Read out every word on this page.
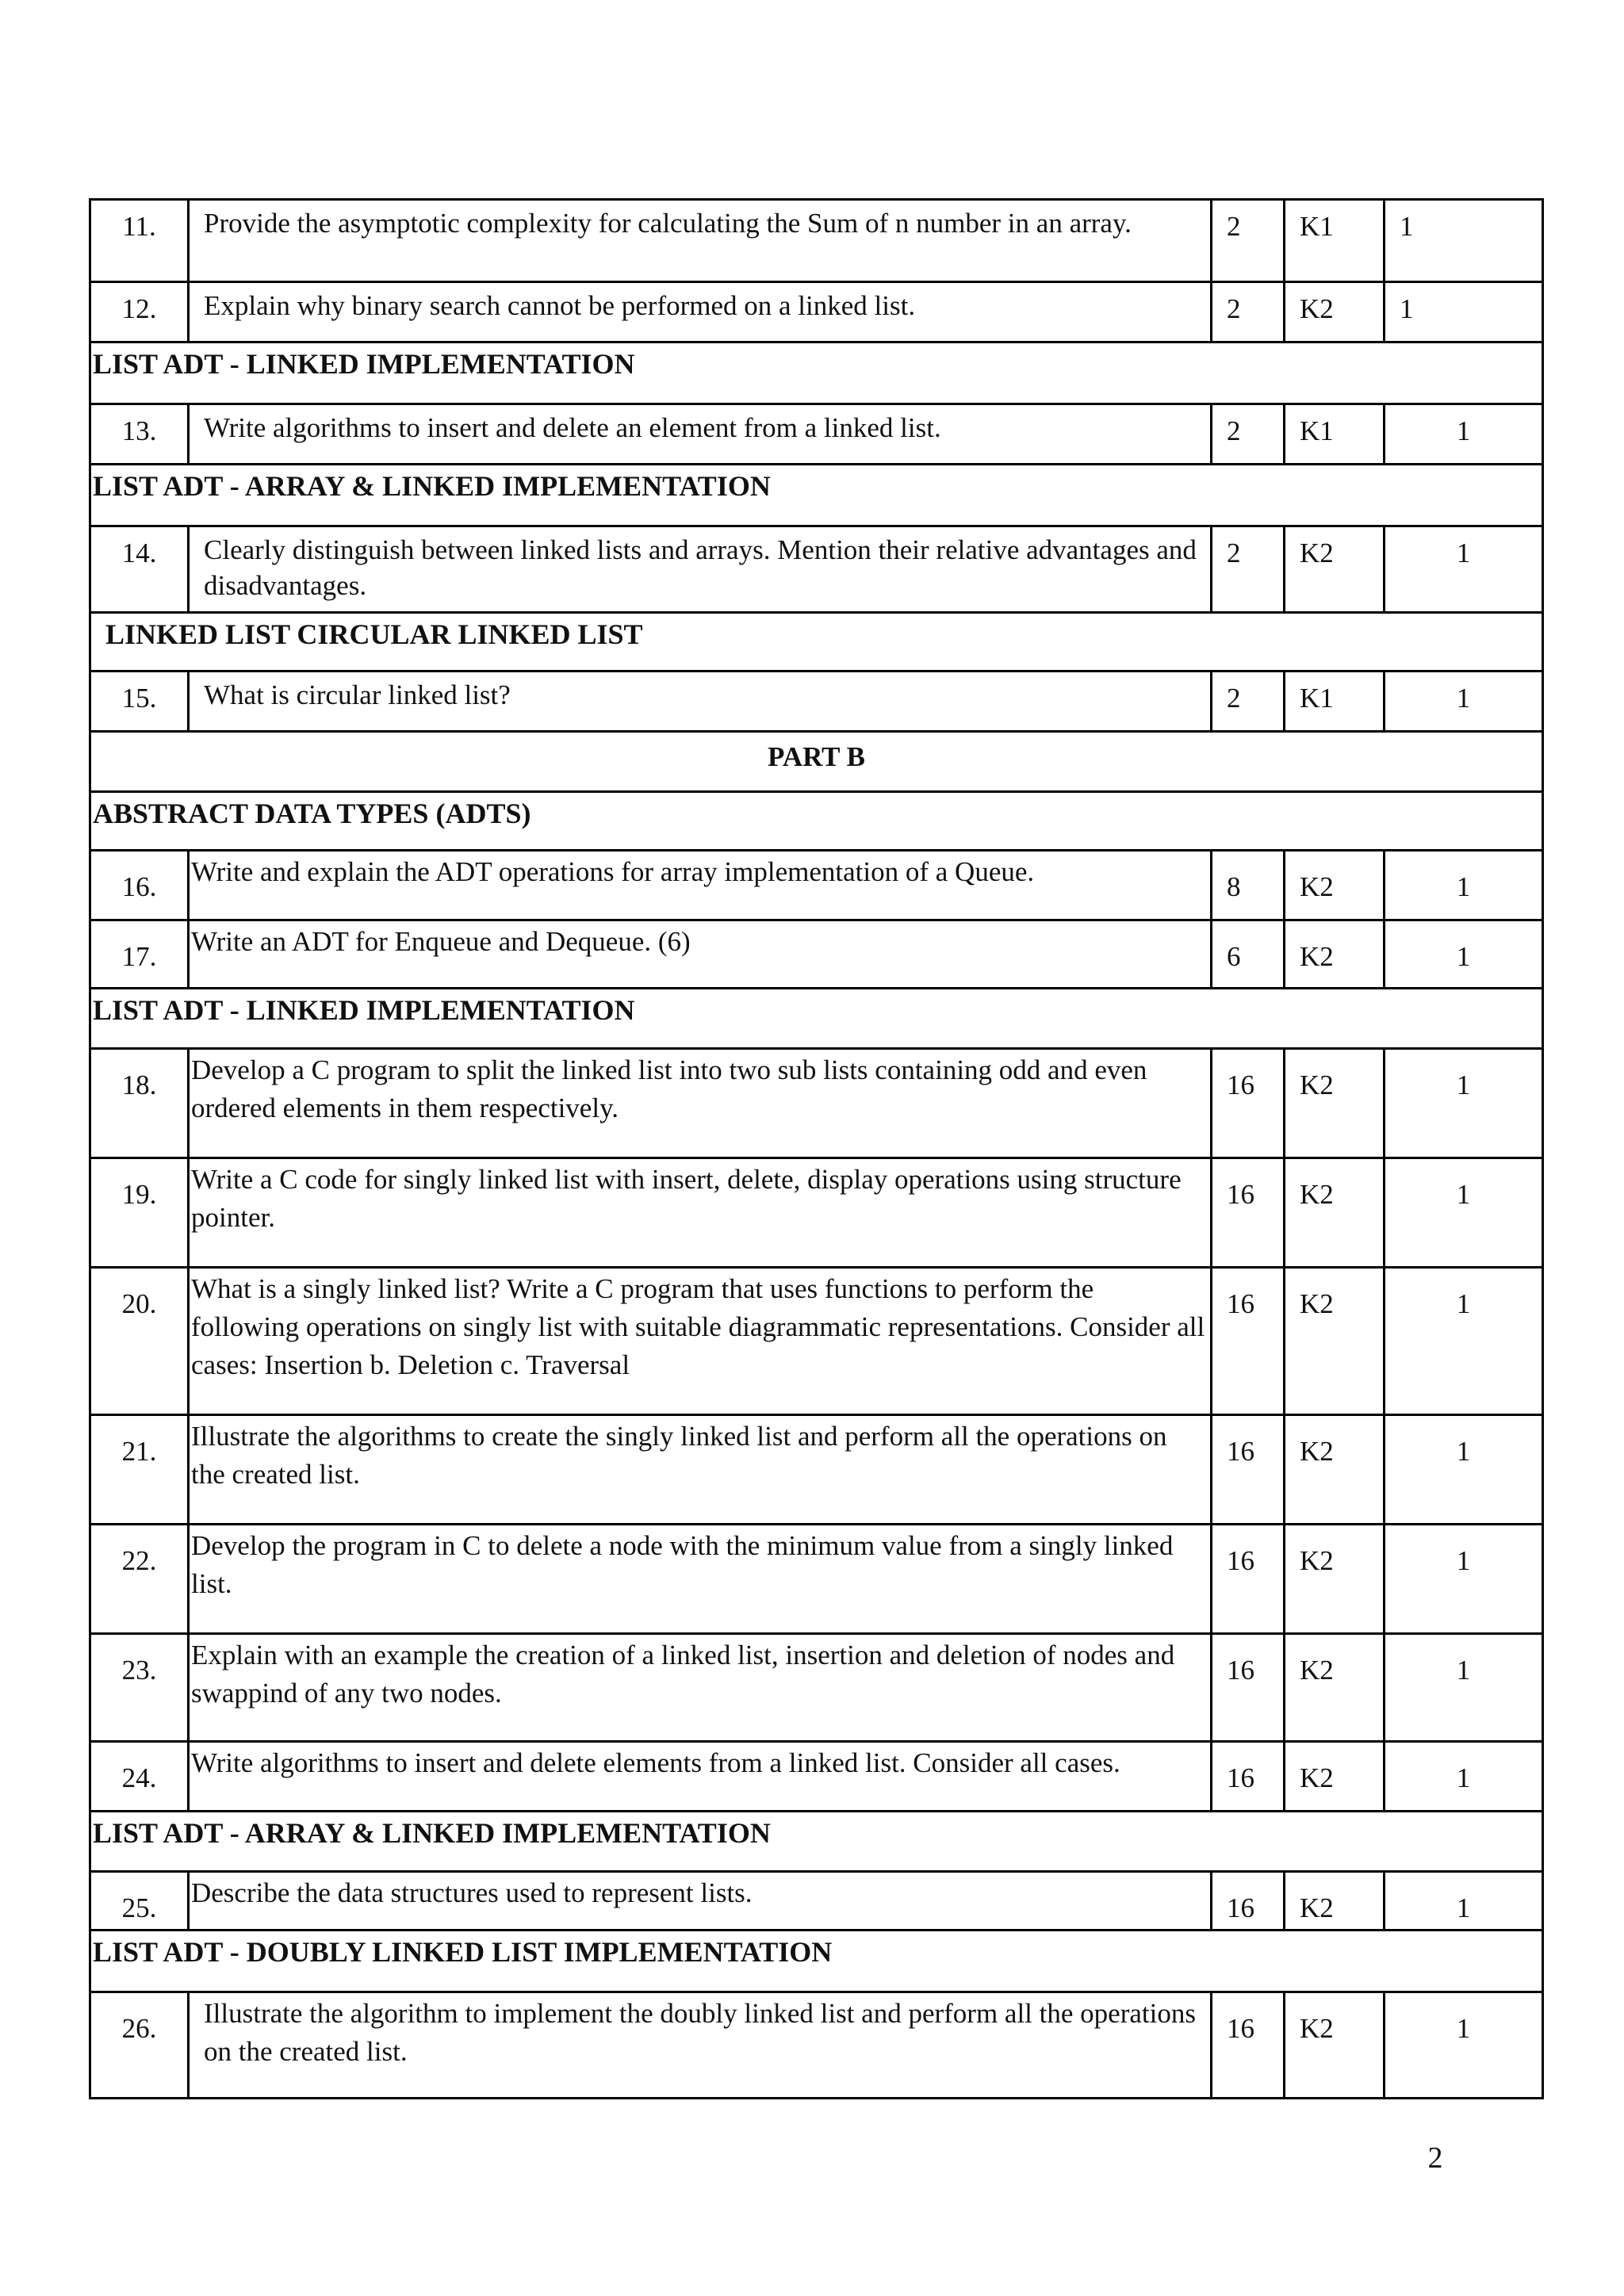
11.	Provide the asymptotic complexity for calculating the Sum of n number in an array.	2	K1	1
12.	Explain why binary search cannot be performed on a linked list.	2	K2	1
LIST ADT - LINKED IMPLEMENTATION				
13.	Write algorithms to insert and delete an element from a linked list.	2	K1	1
LIST ADT - ARRAY & LINKED IMPLEMENTATION				
14.	Clearly distinguish between linked lists and arrays. Mention their relative advantages and disadvantages.	2	K2	1
LINKED LIST CIRCULAR LINKED LIST				
15.	What is circular linked list?	2	K1	1
PART B				
ABSTRACT DATA TYPES (ADTS)				
16.	Write and explain the ADT operations for array implementation of a Queue.	8	K2	1
17.	Write an ADT for Enqueue and Dequeue. (6)	6	K2	1
LIST ADT - LINKED IMPLEMENTATION				
18.	Develop a C program to split the linked list into two sub lists containing odd and even ordered elements in them respectively.	16	K2	1
19.	Write a C code for singly linked list with insert, delete, display operations using structure pointer.	16	K2	1
20.	What is a singly linked list? Write a C program that uses functions to perform the following operations on singly list with suitable diagrammatic representations. Consider all cases: Insertion b. Deletion c. Traversal	16	K2	1
21.	Illustrate the algorithms to create the singly linked list and perform all the operations on the created list.	16	K2	1
22.	Develop the program in C to delete a node with the minimum value from a singly linked list.	16	K2	1
23.	Explain with an example the creation of a linked list, insertion and deletion of nodes and swappind of any two nodes.	16	K2	1
24.	Write algorithms to insert and delete elements from a linked list. Consider all cases.	16	K2	1
LIST ADT - ARRAY & LINKED IMPLEMENTATION				
25.	Describe the data structures used to represent lists.	16	K2	1
LIST ADT - DOUBLY LINKED LIST IMPLEMENTATION				
26.	Illustrate the algorithm to implement the doubly linked list and perform all the operations on the created list.	16	K2	1
2
